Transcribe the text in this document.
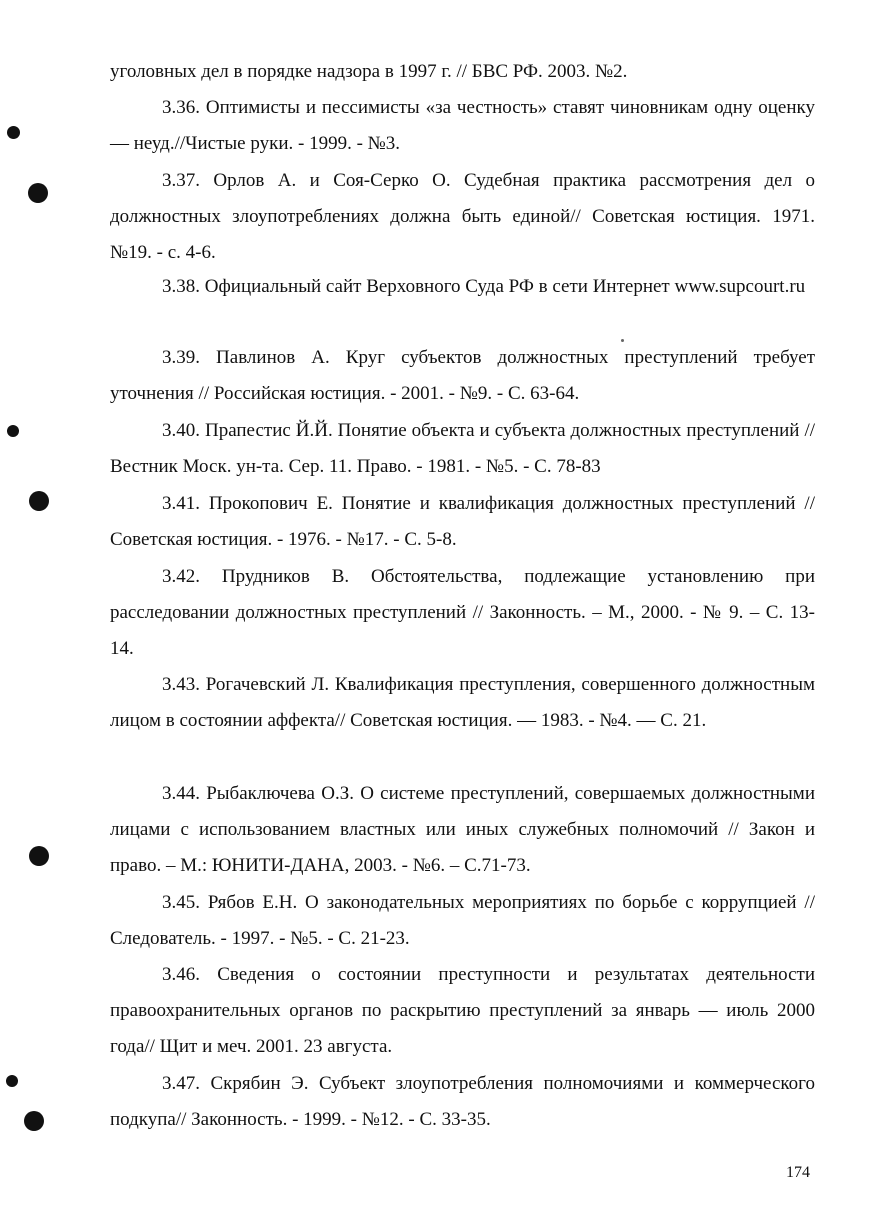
уголовных дел в порядке надзора в 1997 г. // БВС РФ. 2003. №2.
3.36. Оптимисты и пессимисты «за честность» ставят чиновникам одну оценку — неуд.//Чистые руки. - 1999. - №3.
3.37. Орлов А. и Соя-Серко О. Судебная практика рассмотрения дел о должностных злоупотреблениях должна быть единой// Советская юстиция. 1971. №19. - с. 4-6.
3.38. Официальный сайт Верховного Суда РФ в сети Интернет www.supcourt.ru
3.39. Павлинов А. Круг субъектов должностных преступлений требует уточнения // Российская юстиция. - 2001. - №9. - С. 63-64.
3.40. Прапестис Й.Й. Понятие объекта и субъекта должностных преступлений //Вестник Моск. ун-та. Сер. 11. Право. - 1981. - №5. - С. 78-83
3.41. Прокопович Е. Понятие и квалификация должностных преступлений // Советская юстиция. - 1976. - №17. - С. 5-8.
3.42. Прудников В. Обстоятельства, подлежащие установлению при расследовании должностных преступлений // Законность. – М., 2000. - № 9. – С. 13-14.
3.43. Рогачевский Л. Квалификация преступления, совершенного должностным лицом в состоянии аффекта// Советская юстиция. — 1983. - №4. — С. 21.
3.44. Рыбаключева О.З. О системе преступлений, совершаемых должностными лицами с использованием властных или иных служебных полномочий // Закон и право. – М.: ЮНИТИ-ДАНА, 2003. - №6. – С.71-73.
3.45. Рябов Е.Н. О законодательных мероприятиях по борьбе с коррупцией // Следователь. - 1997. - №5. - С. 21-23.
3.46. Сведения о состоянии преступности и результатах деятельности правоохранительных органов по раскрытию преступлений за январь — июль 2000 года// Щит и меч. 2001. 23 августа.
3.47. Скрябин Э. Субъект злоупотребления полномочиями и коммерческого подкупа// Законность. - 1999. - №12. - С. 33-35.
174
